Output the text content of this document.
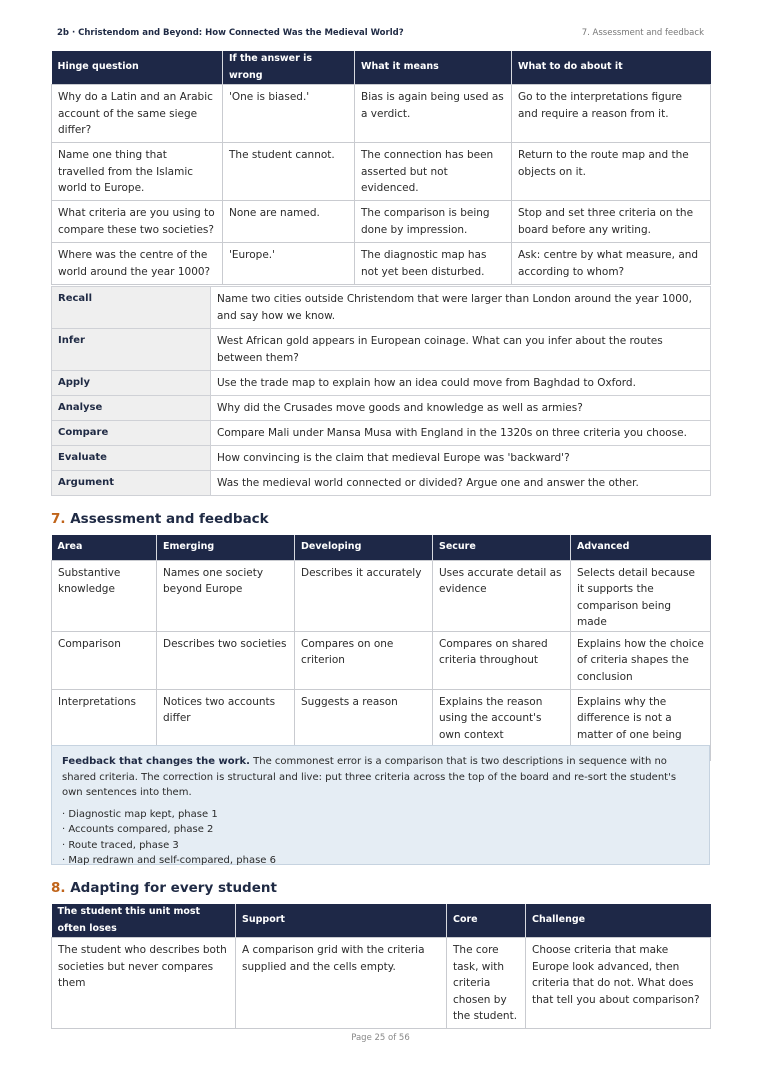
2b · Christendom and Beyond: How Connected Was the Medieval World?	7. Assessment and feedback
Hinge question	If the answer is wrong	What it means	What to do about it
Why do a Latin and an Arabic account of the same siege differ?	'One is biased.'	Bias is again being used as a verdict.	Go to the interpretations figure and require a reason from it.
Name one thing that travelled from the Islamic world to Europe.	The student cannot.	The connection has been asserted but not evidenced.	Return to the route map and the objects on it.
What criteria are you using to compare these two societies?	None are named.	The comparison is being done by impression.	Stop and set three criteria on the board before any writing.
Where was the centre of the world around the year 1000?	'Europe.'	The diagnostic map has not yet been disturbed.	Ask: centre by what measure, and according to whom?
Recall	Name two cities outside Christendom that were larger than London around the year 1000, and say how we know.
Infer	West African gold appears in European coinage. What can you infer about the routes between them?
Apply	Use the trade map to explain how an idea could move from Baghdad to Oxford.
Analyse	Why did the Crusades move goods and knowledge as well as armies?
Compare	Compare Mali under Mansa Musa with England in the 1320s on three criteria you choose.
Evaluate	How convincing is the claim that medieval Europe was 'backward'?
Argument	Was the medieval world connected or divided? Argue one and answer the other.
7. Assessment and feedback
Area	Emerging	Developing	Secure	Advanced
Substantive knowledge	Names one society beyond Europe	Describes it accurately	Uses accurate detail as evidence	Selects detail because it supports the comparison being made
Comparison	Describes two societies	Compares on one criterion	Compares on shared criteria throughout	Explains how the choice of criteria shapes the conclusion
Interpretations	Notices two accounts differ	Suggests a reason	Explains the reason using the account's own context	Explains why the difference is not a matter of one being

Feedback that changes the work. The commonest error is a comparison that is two descriptions in sequence with no shared criteria. The correction is structural and live: put three criteria across the top of the board and re-sort the student's own sentences into them.

· Diagnostic map kept, phase 1
· Accounts compared, phase 2
· Route traced, phase 3
· Map redrawn and self-compared, phase 6
8. Adapting for every student
The student this unit most often loses	Support	Core	Challenge
The student who describes both societies but never compares them	A comparison grid with the criteria supplied and the cells empty.	The core task, with criteria chosen by the student.	Choose criteria that make Europe look advanced, then criteria that do not. What does that tell you about comparison?
Page 25 of 56
